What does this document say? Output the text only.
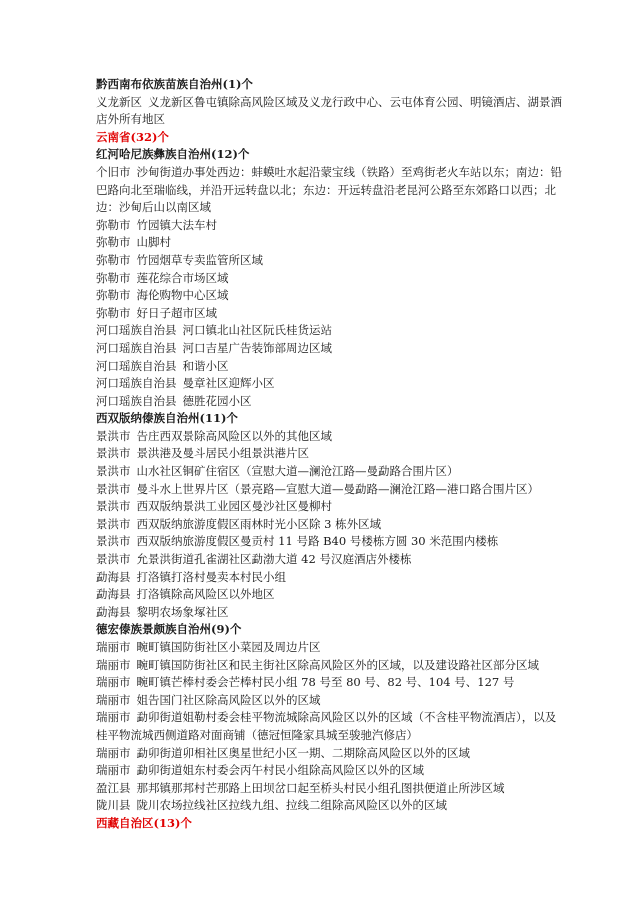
黔西南布依族苗族自治州(1)个
义龙新区 义龙新区鲁屯镇除高风险区域及义龙行政中心、云屯体育公园、明镜酒店、湖景酒店外所有地区
云南省(32)个
红河哈尼族彝族自治州(12)个
个旧市 沙甸街道办事处西边：蚌蟆吐水起沿蒙宝线（铁路）至鸡街老火车站以东；南边：铅巴路向北至瑞临线，并沿开远转盘以北；东边：开远转盘沿老昆河公路至东郊路口以西；北边：沙甸后山以南区域
弥勒市 竹园镇大法车村
弥勒市 山脚村
弥勒市 竹园烟草专卖监管所区域
弥勒市 莲花综合市场区域
弥勒市 海伦购物中心区域
弥勒市 好日子超市区域
河口瑶族自治县 河口镇北山社区阮氏桂货运站
河口瑶族自治县 河口吉星广告装饰部周边区域
河口瑶族自治县 和谐小区
河口瑶族自治县 曼章社区迎辉小区
河口瑶族自治县 德胜花园小区
西双版纳傣族自治州(11)个
景洪市 告庄西双景除高风险区以外的其他区域
景洪市 景洪港及曼斗居民小组景洪港片区
景洪市 山水社区铜矿住宿区（宣慰大道—澜沧江路—曼勐路合围片区）
景洪市 曼斗水上世界片区（景亮路—宣慰大道—曼勐路—澜沧江路—港口路合围片区）
景洪市 西双版纳景洪工业园区曼沙社区曼柳村
景洪市 西双版纳旅游度假区雨林时光小区除 3 栋外区域
景洪市 西双版纳旅游度假区曼贡村 11 号路 B40 号楼栋方圆 30 米范围内楼栋
景洪市 允景洪街道孔雀湖社区勐渤大道 42 号汉庭酒店外楼栋
勐海县 打洛镇打洛村曼卖本村民小组
勐海县 打洛镇除高风险区以外地区
勐海县 黎明农场象塚社区
德宏傣族景颇族自治州(9)个
瑞丽市 畹町镇国防街社区小菜园及周边片区
瑞丽市 畹町镇国防街社区和民主街社区除高风险区外的区域，以及建设路社区部分区域
瑞丽市 畹町镇芒棒村委会芒棒村民小组 78 号至 80 号、82 号、104 号、127 号
瑞丽市 姐告国门社区除高风险区以外的区域
瑞丽市 勐卯街道姐勒村委会桂平物流城除高风险区以外的区域（不含桂平物流酒店），以及桂平物流城西侧道路对面商铺（德冠恒隆家具城至骏驰汽修店）
瑞丽市 勐卯街道卯相社区奥星世纪小区一期、二期除高风险区以外的区域
瑞丽市 勐卯街道姐东村委会丙午村民小组除高风险区以外的区域
盈江县 那邦镇那邦村芒那路上田坝岔口起至桥头村民小组孔图拱便道止所涉区域
陇川县 陇川农场拉线社区拉线九组、拉线二组除高风险区以外的区域
西藏自治区(13)个
